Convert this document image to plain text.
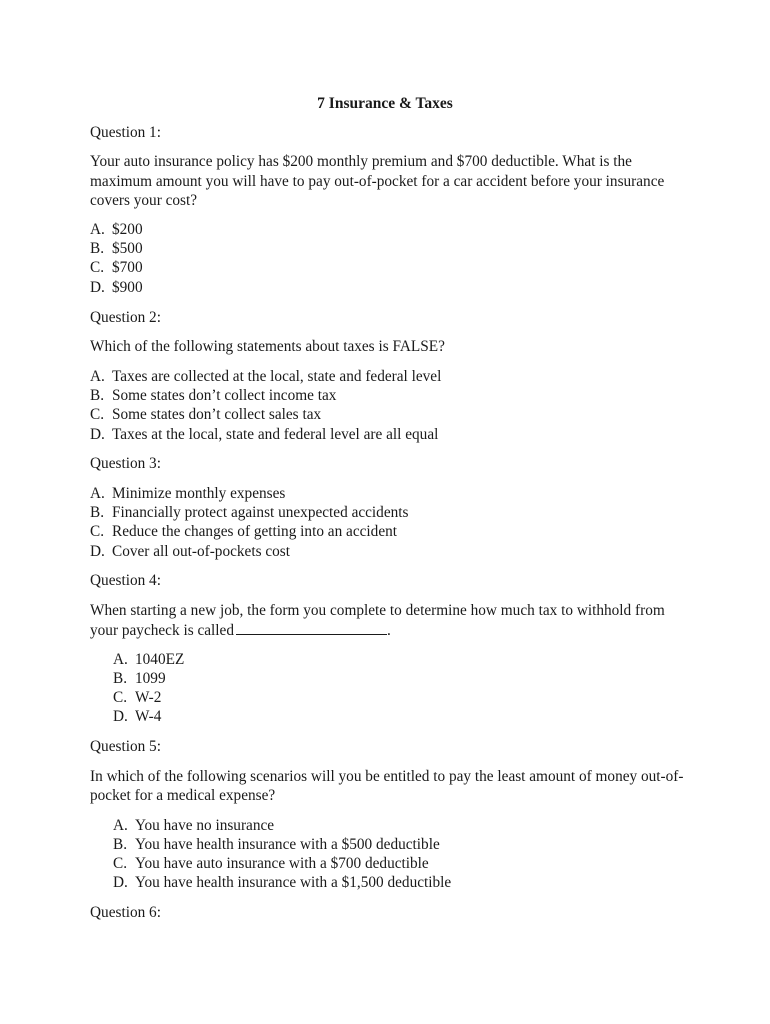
7 Insurance & Taxes
Question 1:
Your auto insurance policy has $200 monthly premium and $700 deductible. What is the
maximum amount you will have to pay out-of-pocket for a car accident before your insurance
covers your cost?
A. $200
B. $500
C. $700
D. $900
Question 2:
Which of the following statements about taxes is FALSE?
A. Taxes are collected at the local, state and federal level
B. Some states don’t collect income tax
C. Some states don’t collect sales tax
D. Taxes at the local, state and federal level are all equal
Question 3:
A. Minimize monthly expenses
B. Financially protect against unexpected accidents
C. Reduce the changes of getting into an accident
D. Cover all out-of-pockets cost
Question 4:
When starting a new job, the form you complete to determine how much tax to withhold from
your paycheck is called	.
A. 1040EZ
B. 1099
C. W-2
D. W-4
Question 5:
In which of the following scenarios will you be entitled to pay the least amount of money out-of-
pocket for a medical expense?
A. You have no insurance
B. You have health insurance with a $500 deductible
C. You have auto insurance with a $700 deductible
D. You have health insurance with a $1,500 deductible
Question 6:
